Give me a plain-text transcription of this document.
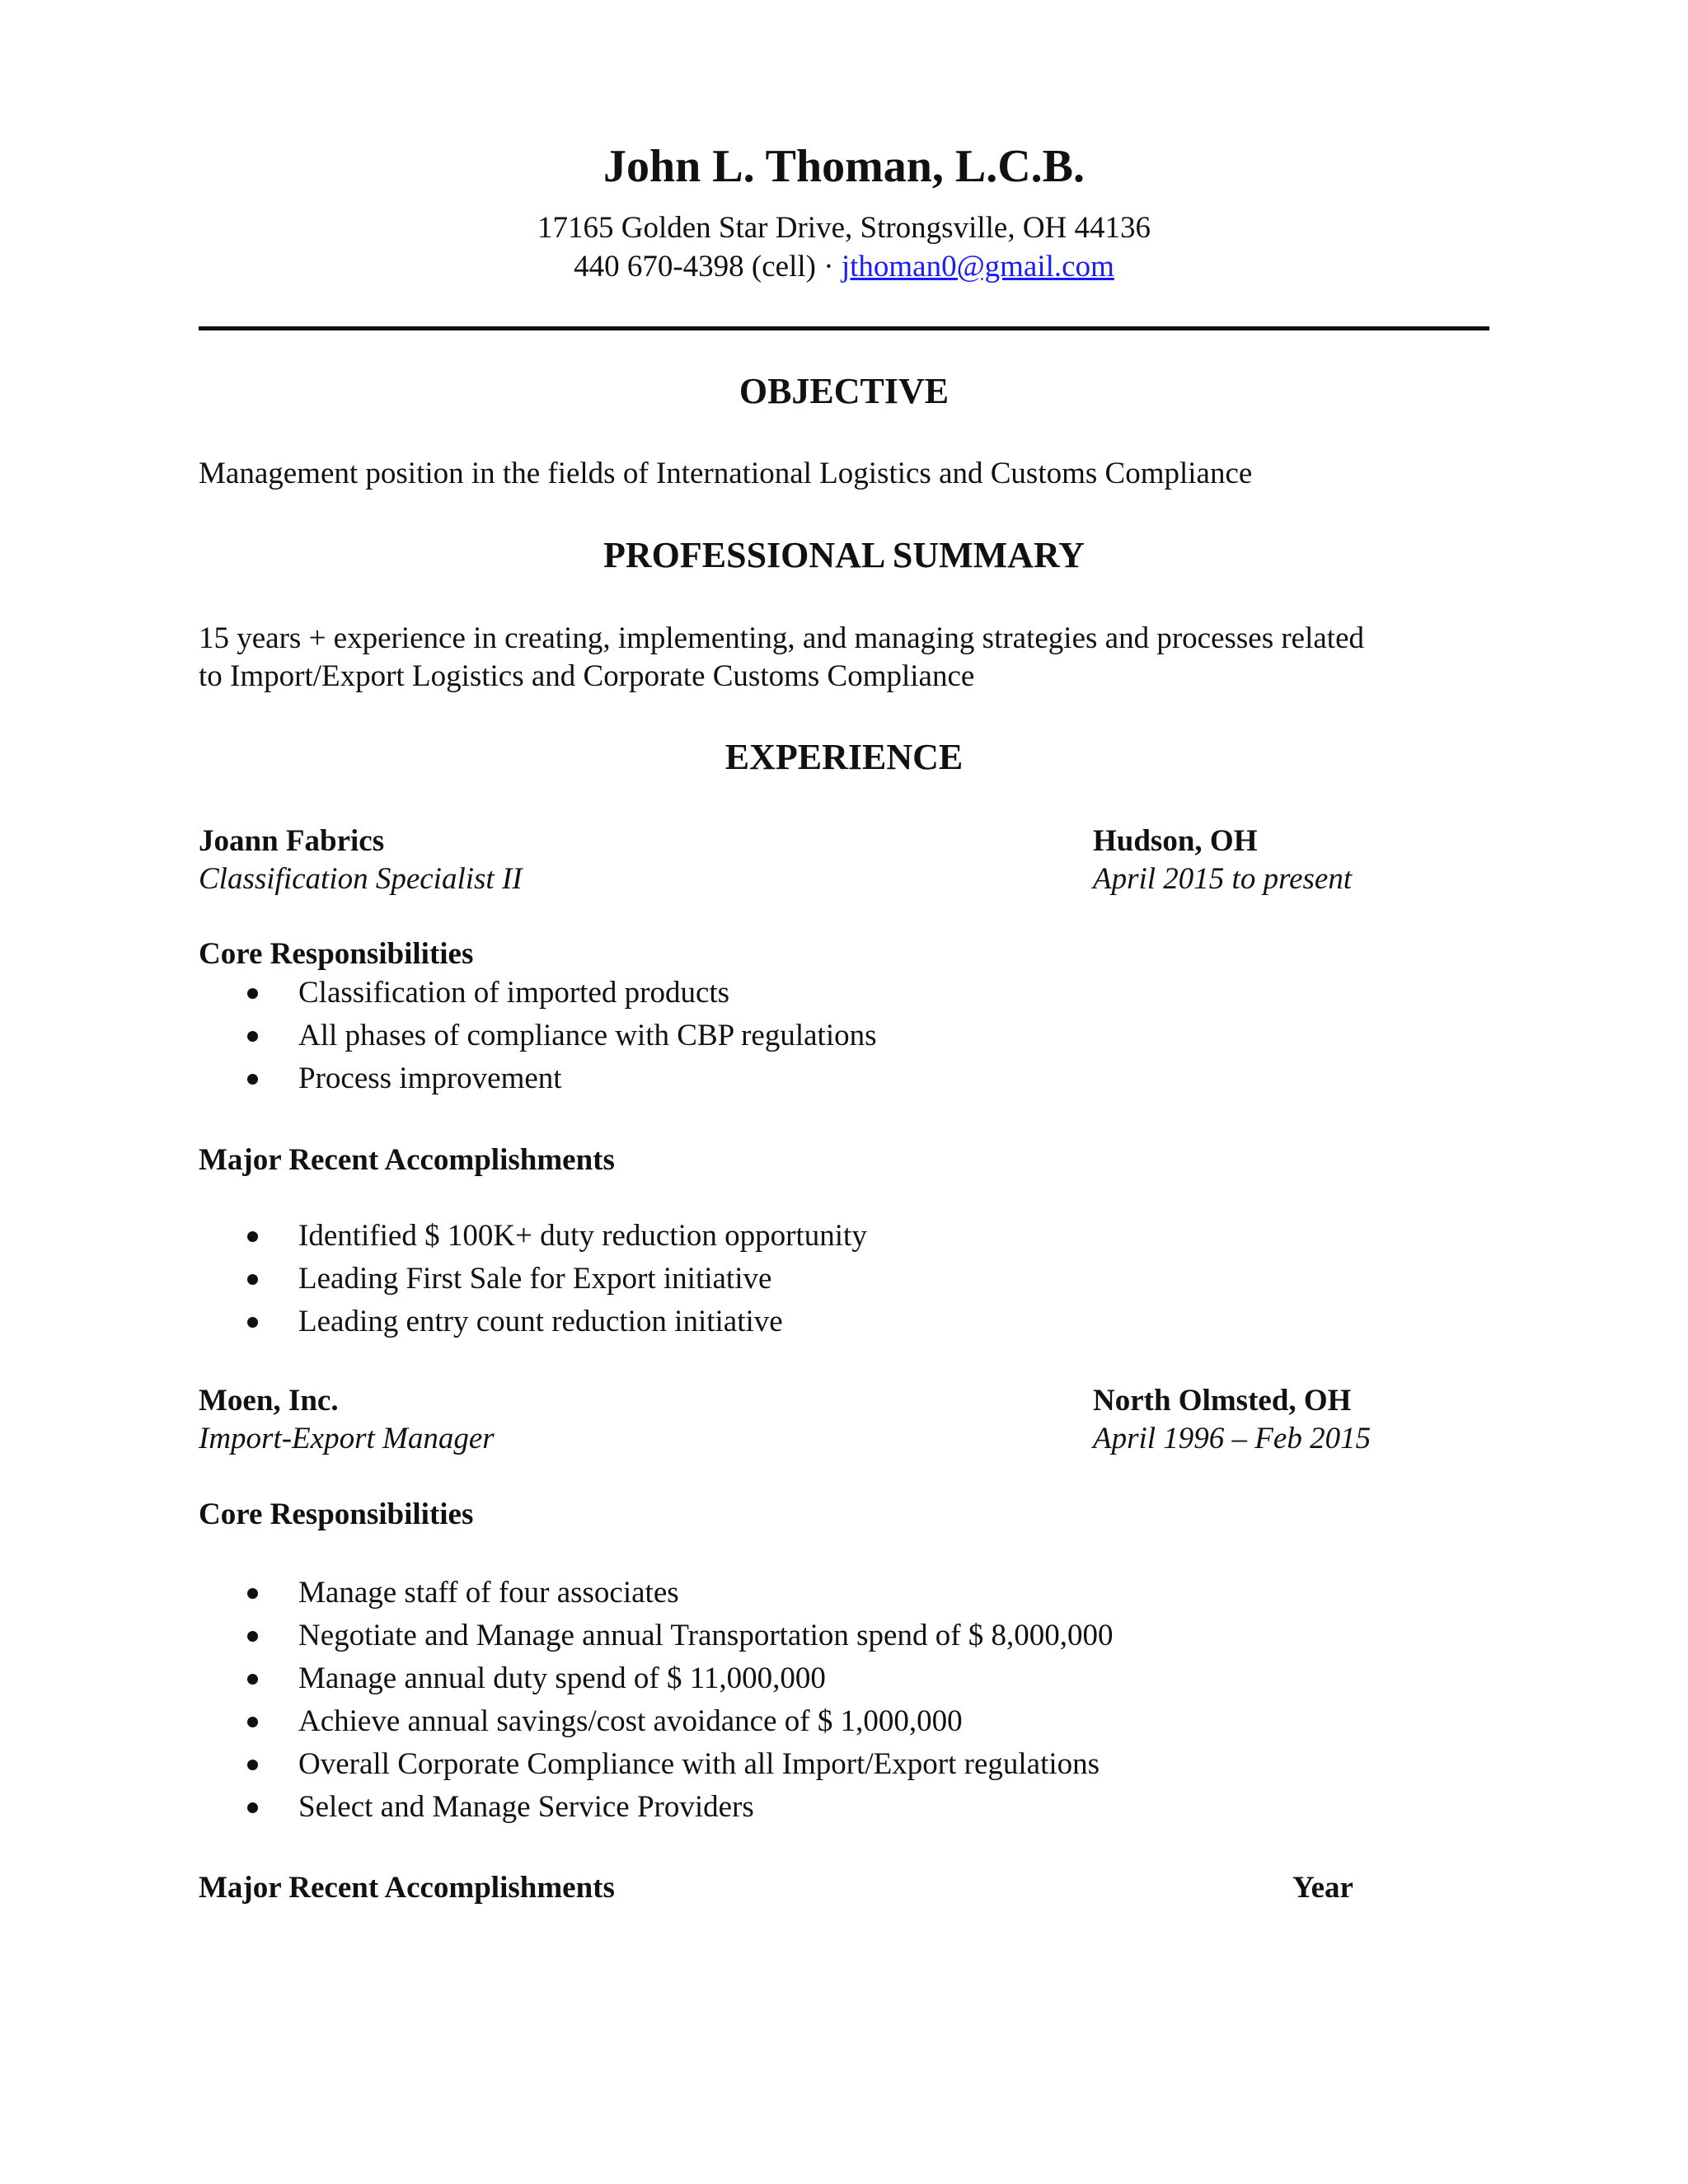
John L. Thoman, L.C.B.
17165 Golden Star Drive, Strongsville, OH 44136
440 670-4398 (cell) · jthoman0@gmail.com
OBJECTIVE
Management position in the fields of International Logistics and Customs Compliance
PROFESSIONAL SUMMARY
15 years + experience in creating, implementing, and managing strategies and processes related
to Import/Export Logistics and Corporate Customs Compliance
EXPERIENCE
Joann Fabrics	Hudson, OH
Classification Specialist II	April 2015 to present
Core Responsibilities
Classification of imported products
All phases of compliance with CBP regulations
Process improvement
Major Recent Accomplishments
Identified $ 100K+ duty reduction opportunity
Leading First Sale for Export initiative
Leading entry count reduction initiative
Moen, Inc.	North Olmsted, OH
Import-Export Manager	April 1996 – Feb 2015
Core Responsibilities
Manage staff of four associates
Negotiate and Manage annual Transportation spend of $ 8,000,000
Manage annual duty spend of $ 11,000,000
Achieve annual savings/cost avoidance of $ 1,000,000
Overall Corporate Compliance with all Import/Export regulations
Select and Manage Service Providers
Major Recent Accomplishments	Year
